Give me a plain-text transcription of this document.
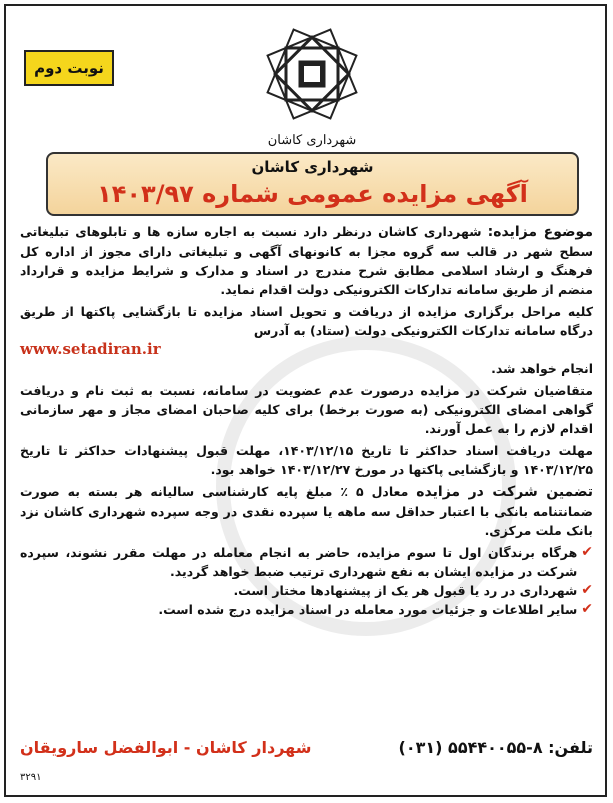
نوبت دوم
شهرداری کاشان
شهرداری کاشان
آگهی مزایده عمومی شماره ۱۴۰۳/۹۷

موضوع مزایده: شهرداری کاشان درنظر دارد نسبت به اجاره سازه ها و تابلوهای تبلیغاتی سطح شهر در قالب سه گروه مجزا به کانونهای آگهی و تبلیغاتی دارای مجوز از اداره کل فرهنگ و ارشاد اسلامی مطابق شرح مندرج در اسناد و مدارک و شرایط مزایده و قرارداد منضم از طریق سامانه تدارکات الکترونیکی دولت اقدام نماید.

کلیه مراحل برگزاری مزایده از دریافت و تحویل اسناد مزایده تا بازگشایی پاکتها از طریق درگاه سامانه تدارکات الکترونیکی دولت (ستاد) به آدرس
www.setadiran.ir
انجام خواهد شد.

متقاضیان شرکت در مزایده درصورت عدم عضویت در سامانه، نسبت به ثبت نام و دریافت گواهی امضای الکترونیکی (به صورت برخط) برای کلیه صاحبان امضای مجاز و مهر سازمانی اقدام لازم را به عمل آورند.

مهلت دریافت اسناد حداکثر تا تاریخ ۱۴۰۳/۱۲/۱۵، مهلت قبول پیشنهادات حداکثر تا تاریخ ۱۴۰۳/۱۲/۲۵ و بازگشایی پاکتها در مورخ ۱۴۰۳/۱۲/۲۷ خواهد بود.

تضمین شرکت در مزایده معادل ۵ ٪ مبلغ پایه کارشناسی سالیانه هر بسته به صورت ضمانتنامه بانکی با اعتبار حداقل سه ماهه یا سپرده نقدی در وجه سپرده شهرداری کاشان نزد بانک ملت مرکزی.

✔
هرگاه برندگان اول تا سوم مزایده، حاضر به انجام معامله در مهلت مقرر نشوند، سپرده شرکت در مزایده ایشان به نفع شهرداری ترتیب ضبط خواهد گردید.
✔
شهرداری در رد یا قبول هر یک از پیشنهادها مختار است.
✔
سایر اطلاعات و جزئیات مورد معامله در اسناد مزایده درج شده است.
شهردار کاشان - ابوالفضل سارویقان	تلفن: ۸-۵۵۴۴۰۰۵۵ (۰۳۱)
۳۲۹۱
